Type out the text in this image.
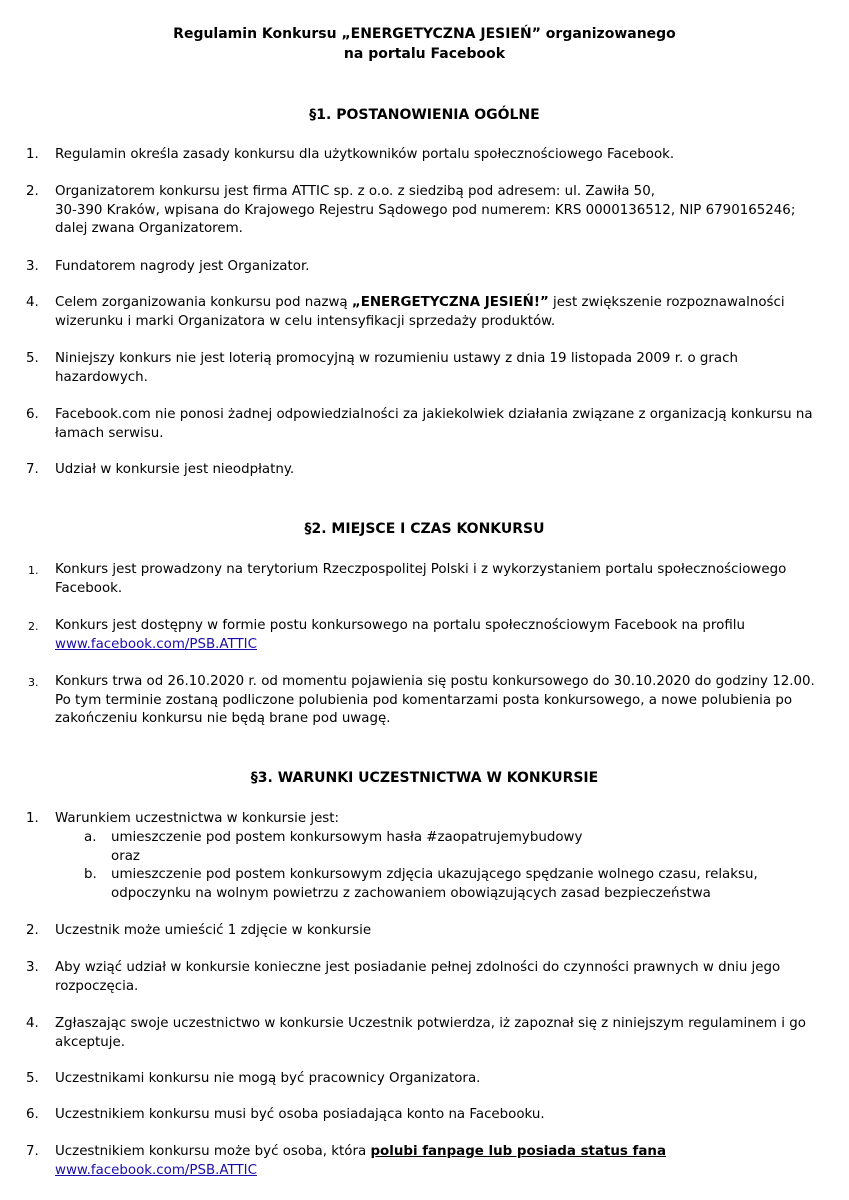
Regulamin Konkursu „ENERGETYCZNA JESIEŃ” organizowanego
na portalu Facebook
§1. POSTANOWIENIA OGÓLNE
1. Regulamin określa zasady konkursu dla użytkowników portalu społecznościowego Facebook.
2. Organizatorem konkursu jest firma ATTIC sp. z o.o. z siedzibą pod adresem: ul. Zawiła 50,
30-390 Kraków, wpisana do Krajowego Rejestru Sądowego pod numerem: KRS 0000136512, NIP 6790165246;
dalej zwana Organizatorem.
3. Fundatorem nagrody jest Organizator.
4. Celem zorganizowania konkursu pod nazwą „ENERGETYCZNA JESIEŃ!” jest zwiększenie rozpoznawalności
wizerunku i marki Organizatora w celu intensyfikacji sprzedaży produktów.
5. Niniejszy konkurs nie jest loterią promocyjną w rozumieniu ustawy z dnia 19 listopada 2009 r. o grach
hazardowych.
6. Facebook.com nie ponosi żadnej odpowiedzialności za jakiekolwiek działania związane z organizacją konkursu na
łamach serwisu.
7. Udział w konkursie jest nieodpłatny.
§2. MIEJSCE I CZAS KONKURSU
1. Konkurs jest prowadzony na terytorium Rzeczpospolitej Polski i z wykorzystaniem portalu społecznościowego
Facebook.
2. Konkurs jest dostępny w formie postu konkursowego na portalu społecznościowym Facebook na profilu
www.facebook.com/PSB.ATTIC
3. Konkurs trwa od 26.10.2020 r. od momentu pojawienia się postu konkursowego do 30.10.2020 do godziny 12.00.
Po tym terminie zostaną podliczone polubienia pod komentarzami posta konkursowego, a nowe polubienia po
zakończeniu konkursu nie będą brane pod uwagę.
§3. WARUNKI UCZESTNICTWA W KONKURSIE
1. Warunkiem uczestnictwa w konkursie jest:
a.	umieszczenie pod postem konkursowym hasła #zaopatrujemybudowy
oraz
b.	umieszczenie pod postem konkursowym zdjęcia ukazującego spędzanie wolnego czasu, relaksu,
odpoczynku na wolnym powietrzu z zachowaniem obowiązujących zasad bezpieczeństwa
2. Uczestnik może umieścić 1 zdjęcie w konkursie
3. Aby wziąć udział w konkursie konieczne jest posiadanie pełnej zdolności do czynności prawnych w dniu jego
rozpoczęcia.
4. Zgłaszając swoje uczestnictwo w konkursie Uczestnik potwierdza, iż zapoznał się z niniejszym regulaminem i go
akceptuje.
5. Uczestnikami konkursu nie mogą być pracownicy Organizatora.
6. Uczestnikiem konkursu musi być osoba posiadająca konto na Facebooku.
7. Uczestnikiem konkursu może być osoba, która polubi fanpage lub posiada status fana
www.facebook.com/PSB.ATTIC
